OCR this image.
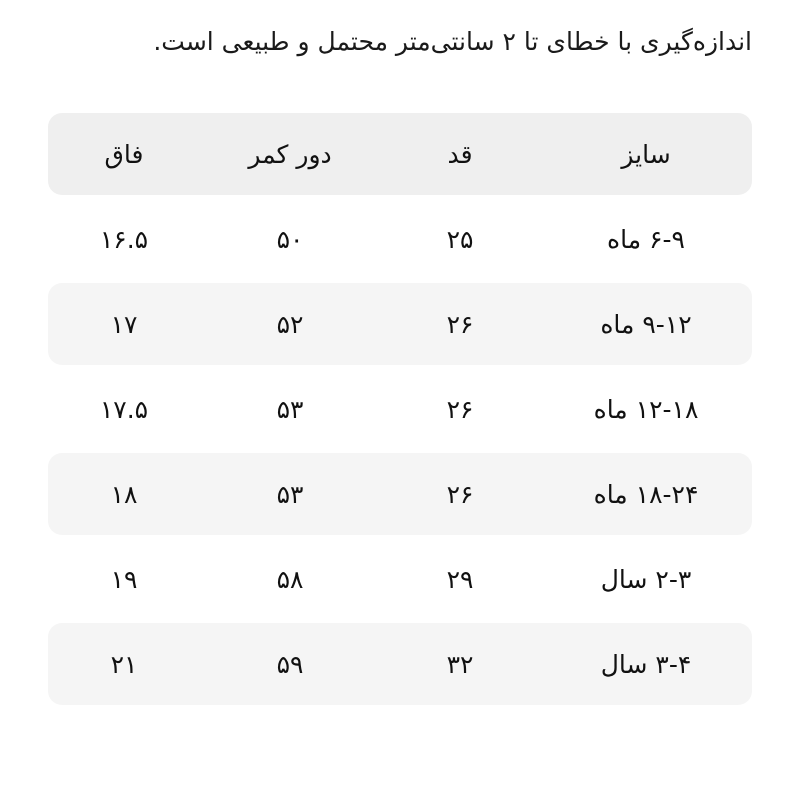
اندازه‌گیری با خطای تا ۲ سانتی‌متر محتمل و طبیعی است.
سایز
قد
دور کمر
فاق
۶-۹ ماه
۲۵
۵۰
۱۶.۵
۹-۱۲ ماه
۲۶
۵۲
۱۷
۱۲-۱۸ ماه
۲۶
۵۳
۱۷.۵
۱۸-۲۴ ماه
۲۶
۵۳
۱۸
۲-۳ سال
۲۹
۵۸
۱۹
۳-۴ سال
۳۲
۵۹
۲۱
